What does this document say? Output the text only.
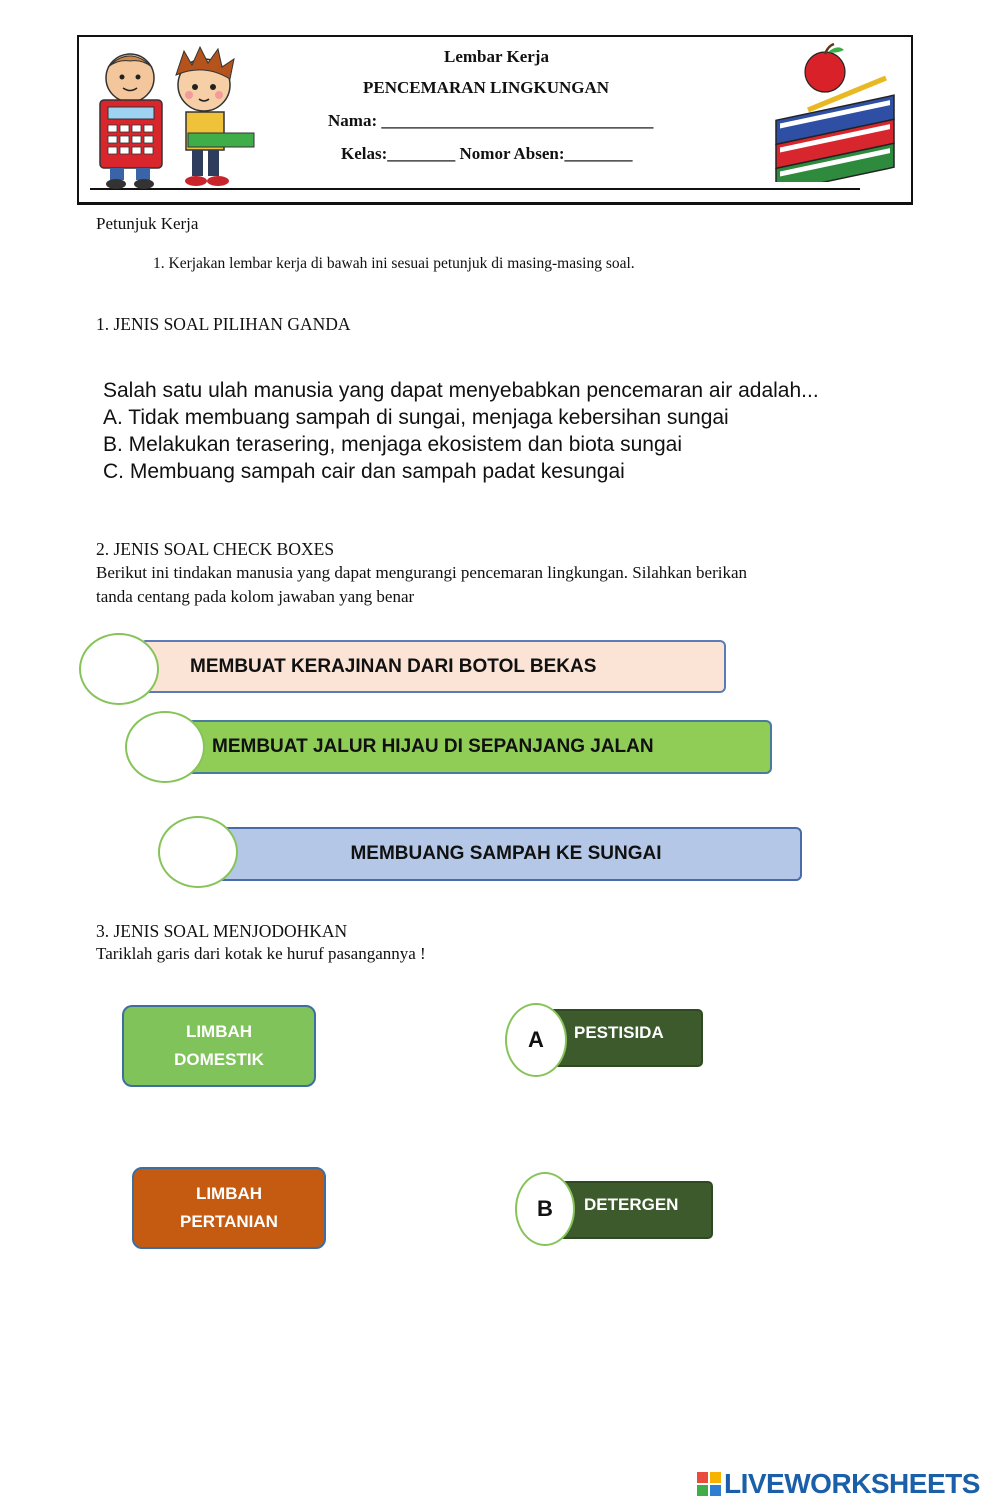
Lembar Kerja
PENCEMARAN LINGKUNGAN
Nama: ________________________________
Kelas:________ Nomor Absen:________
Petunjuk Kerja
1. Kerjakan lembar kerja di bawah ini sesuai petunjuk di masing-masing soal.
1. JENIS SOAL PILIHAN GANDA
Salah satu ulah manusia yang dapat menyebabkan pencemaran air adalah...
A. Tidak membuang sampah di sungai, menjaga kebersihan sungai
B. Melakukan terasering, menjaga ekosistem dan biota sungai
C. Membuang sampah cair dan sampah padat kesungai
2. JENIS SOAL CHECK BOXES
Berikut ini tindakan manusia yang dapat mengurangi pencemaran lingkungan. Silahkan berikan
tanda centang pada kolom jawaban yang benar
MEMBUAT KERAJINAN DARI BOTOL BEKAS
MEMBUAT JALUR HIJAU DI SEPANJANG JALAN
MEMBUANG SAMPAH KE SUNGAI
3. JENIS SOAL MENJODOHKAN
Tariklah garis dari kotak ke huruf pasangannya !
LIMBAH
DOMESTIK
LIMBAH
PERTANIAN
PESTISIDA
A
DETERGEN
B
LIVEWORKSHEETS
